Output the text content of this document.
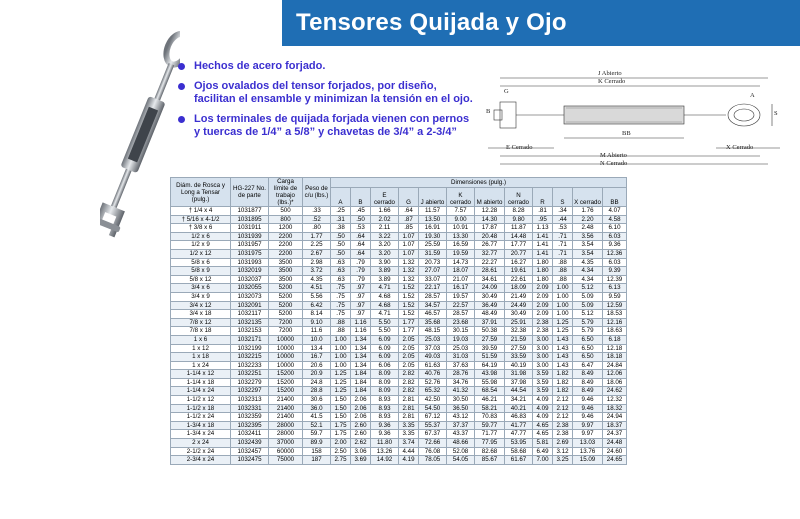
Tensores Quijada y Ojo
Hechos de acero forjado.
Ojos ovalados del tensor forjados, por diseño, facilitan el ensamble y minimizan la tensión en el ojo.
Los terminales de quijada forjada vienen con pernos y tuercas de 1/4” a 5/8” y chavetas de 3/4” a 2-3/4”
J Abierto
K Cerrado
G
BB
A
S
B
E Cerrado	X Cerrado
M Abierto
N Cerrado
Diám. de Rosca y Long a Tensar (pulg.)	HG-227 No. de parte	Carga límite de trabajo (lbs.)*	Peso de c/u (lbs.)	Dimensiones (pulg.)											
				A	B	E cerrado	G	J abierto	K cerrado	M abierto	N cerrado	R	S	X cerrado	BB
† 1/4 x 4	1031877	500	.33	.25	.45	1.66	.64	11.57	7.57	12.28	8.28	.81	.34	1.76	4.07
† 5/16 x 4-1/2	1031895	800	.52	.31	.50	2.02	.87	13.50	9.00	14.30	9.80	.95	.44	2.20	4.58
† 3/8 x 6	1031911	1200	.80	.38	.53	2.11	.85	16.91	10.91	17.87	11.87	1.13	.53	2.48	6.10
1/2 x 6	1031939	2200	1.77	.50	.64	3.22	1.07	19.30	13.30	20.48	14.48	1.41	.71	3.56	6.03
1/2 x 9	1031957	2200	2.25	.50	.64	3.20	1.07	25.59	16.59	26.77	17.77	1.41	.71	3.54	9.36
1/2 x 12	1031975	2200	2.67	.50	.64	3.20	1.07	31.59	19.59	32.77	20.77	1.41	.71	3.54	12.36
5/8 x 6	1031993	3500	2.98	.63	.79	3.90	1.32	20.73	14.73	22.27	16.27	1.80	.88	4.35	6.03
5/8 x 9	1032019	3500	3.72	.63	.79	3.89	1.32	27.07	18.07	28.61	19.61	1.80	.88	4.34	9.39
5/8 x 12	1032037	3500	4.35	.63	.79	3.89	1.32	33.07	21.07	34.61	22.61	1.80	.88	4.34	12.39
3/4 x 6	1032055	5200	4.51	.75	.97	4.71	1.52	22.17	16.17	24.09	18.09	2.09	1.00	5.12	6.13
3/4 x 9	1032073	5200	5.56	.75	.97	4.68	1.52	28.57	19.57	30.49	21.49	2.09	1.00	5.09	9.59
3/4 x 12	1032091	5200	6.42	.75	.97	4.68	1.52	34.57	22.57	36.49	24.49	2.09	1.00	5.09	12.59
3/4 x 18	1032117	5200	8.14	.75	.97	4.71	1.52	46.57	28.57	48.49	30.49	2.09	1.00	5.12	18.53
7/8 x 12	1032135	7200	9.10	.88	1.16	5.50	1.77	35.68	23.68	37.91	25.91	2.38	1.25	5.79	12.16
7/8 x 18	1032153	7200	11.6	.88	1.16	5.50	1.77	48.15	30.15	50.38	32.38	2.38	1.25	5.79	18.63
1 x 6	1032171	10000	10.0	1.00	1.34	6.09	2.05	25.03	19.03	27.59	21.59	3.00	1.43	6.50	6.18
1 x 12	1032199	10000	13.4	1.00	1.34	6.09	2.05	37.03	25.03	39.59	27.59	3.00	1.43	6.50	12.18
1 x 18	1032215	10000	16.7	1.00	1.34	6.09	2.05	49.03	31.03	51.59	33.59	3.00	1.43	6.50	18.18
1 x 24	1032233	10000	20.6	1.00	1.34	6.06	2.05	61.63	37.63	64.19	40.19	3.00	1.43	6.47	24.84
1-1/4 x 12	1032251	15200	20.9	1.25	1.84	8.09	2.82	40.76	28.76	43.98	31.98	3.59	1.82	8.49	12.06
1-1/4 x 18	1032279	15200	24.8	1.25	1.84	8.09	2.82	52.76	34.76	55.98	37.98	3.59	1.82	8.49	18.06
1-1/4 x 24	1032297	15200	28.8	1.25	1.84	8.09	2.82	65.32	41.32	68.54	44.54	3.59	1.82	8.49	24.62
1-1/2 x 12	1032313	21400	30.6	1.50	2.06	8.93	2.81	42.50	30.50	46.21	34.21	4.09	2.12	9.46	12.32
1-1/2 x 18	1032331	21400	36.0	1.50	2.06	8.93	2.81	54.50	36.50	58.21	40.21	4.09	2.12	9.46	18.32
1-1/2 x 24	1032359	21400	41.5	1.50	2.06	8.93	2.81	67.12	43.12	70.83	46.83	4.09	2.12	9.46	24.94
1-3/4 x 18	1032395	28000	52.1	1.75	2.60	9.36	3.35	55.37	37.37	59.77	41.77	4.65	2.38	9.97	18.37
1-3/4 x 24	1032411	28000	59.7	1.75	2.60	9.36	3.35	67.37	43.37	71.77	47.77	4.65	2.38	9.97	24.37
2 x 24	1032439	37000	89.9	2.00	2.62	11.80	3.74	72.66	48.66	77.95	53.95	5.81	2.69	13.03	24.48
2-1/2 x 24	1032457	60000	158	2.50	3.06	13.26	4.44	76.08	52.08	82.68	58.68	6.49	3.12	13.76	24.60
2-3/4 x 24	1032475	75000	187	2.75	3.69	14.92	4.19	78.05	54.05	85.67	61.67	7.00	3.25	15.09	24.65
